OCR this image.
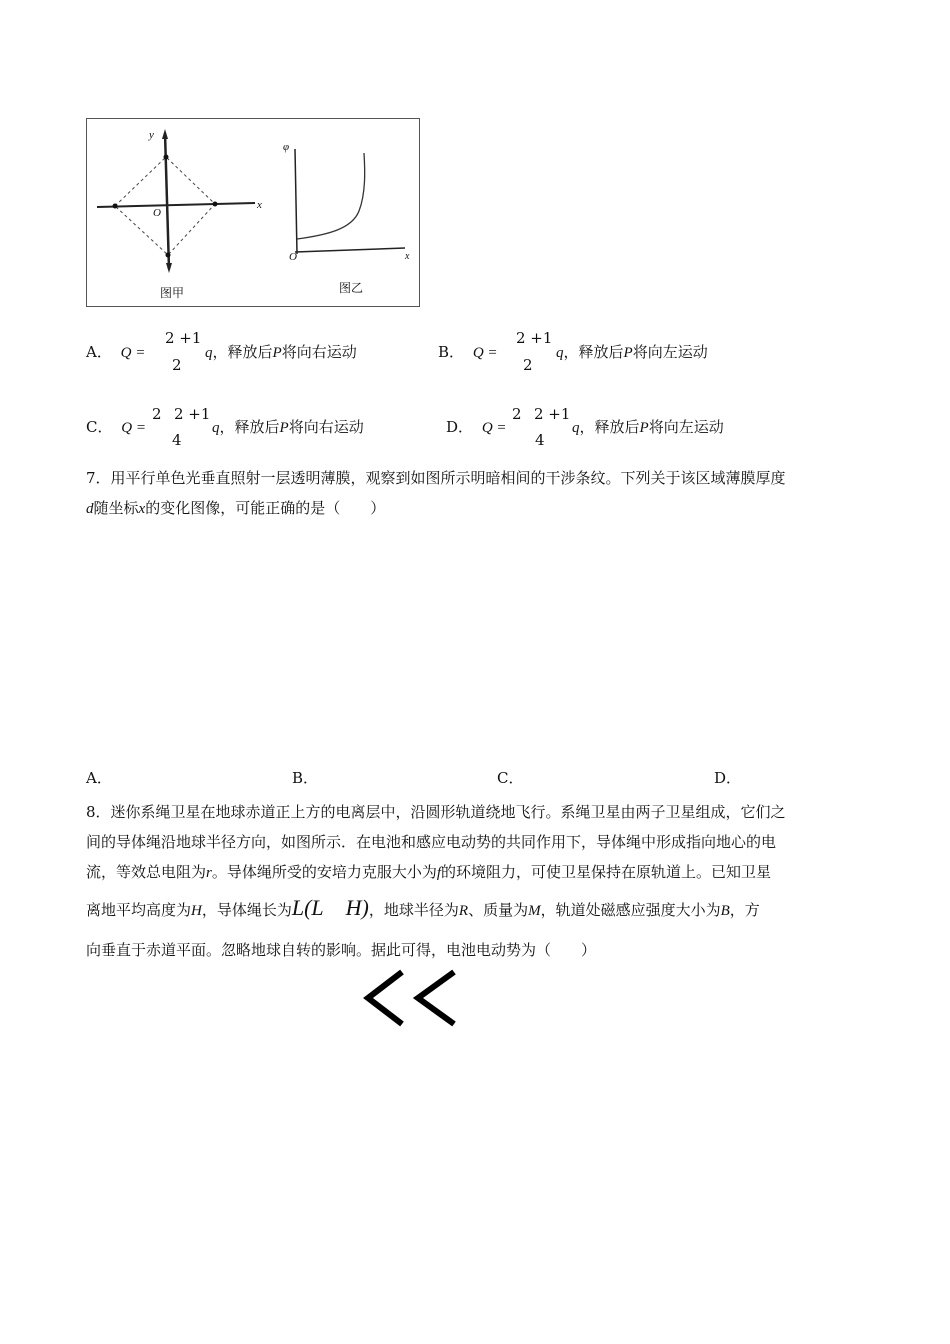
y
x
O
图甲
φ
x
O
图乙
A． Q =
2 +1
2
q，释放后P将向右运动	B． Q =
2 +1
2
q，释放后P将向左运动
C． Q =
2 2 +1
4
q，释放后P将向右运动	D． Q =
2 2 +1
4
q，释放后P将向左运动
7．用平行单色光垂直照射一层透明薄膜，观察到如图所示明暗相间的干涉条纹。下列关于该区域薄膜厚度
d随坐标x的变化图像，可能正确的是（　　）
A．	B．	C．	D．
8．迷你系绳卫星在地球赤道正上方的电离层中，沿圆形轨道绕地飞行。系绳卫星由两子卫星组成，它们之
间的导体绳沿地球半径方向，如图所示．在电池和感应电动势的共同作用下，导体绳中形成指向地心的电
流，等效总电阻为r。导体绳所受的安培力克服大小为f的环境阻力，可使卫星保持在原轨道上。已知卫星
离地平均高度为H，导体绳长为L(L H)，地球半径为R、质量为M，轨道处磁感应强度大小为B，方
向垂直于赤道平面。忽略地球自转的影响。据此可得，电池电动势为（　　）
